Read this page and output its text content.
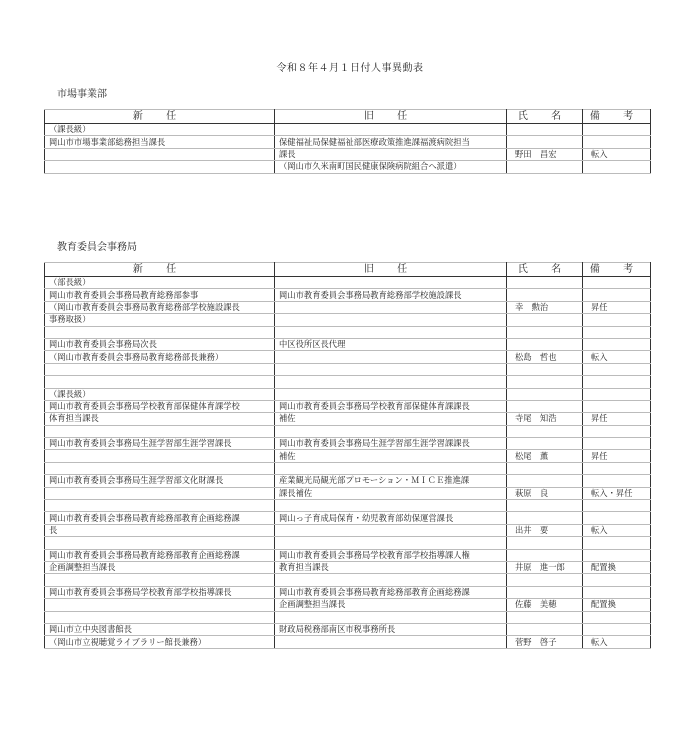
令和８年４月１日付人事異動表
市場事業部
新 任	旧 任	氏 名	備 考
（課長級）			
岡山市市場事業部総務担当課長	保健福祉局保健福祉部医療政策推進課福渡病院担当		
	課長	野田　昌宏	転入
	（岡山市久米南町国民健康保険病院組合へ派遣）		
教育委員会事務局
新 任	旧 任	氏 名	備 考
（部長級）			
岡山市教育委員会事務局教育総務部参事	岡山市教育委員会事務局教育総務部学校施設課長		
（岡山市教育委員会事務局教育総務部学校施設課長		幸　勲治	昇任
事務取扱）			

岡山市教育委員会事務局次長	中区役所区長代理		
（岡山市教育委員会事務局教育総務部長兼務）		松島　哲也	転入

（課長級）			
岡山市教育委員会事務局学校教育部保健体育課学校	岡山市教育委員会事務局学校教育部保健体育課課長		
体育担当課長	補佐	寺尾　知浩	昇任

岡山市教育委員会事務局生涯学習部生涯学習課長	岡山市教育委員会事務局生涯学習部生涯学習課課長		
	補佐	松尾　薫	昇任

岡山市教育委員会事務局生涯学習部文化財課長	産業観光局観光部プロモーション・ＭＩＣＥ推進課		
	課長補佐	萩原　良	転入・昇任

岡山市教育委員会事務局教育総務部教育企画総務課	岡山っ子育成局保育・幼児教育部幼保運営課長		
長		出井　要	転入

岡山市教育委員会事務局教育総務部教育企画総務課	岡山市教育委員会事務局学校教育部学校指導課人権		
企画調整担当課長	教育担当課長	井原　進一郎	配置換

岡山市教育委員会事務局学校教育部学校指導課長	岡山市教育委員会事務局教育総務部教育企画総務課		
	企画調整担当課長	佐藤　美穂	配置換

岡山市立中央図書館長	財政局税務部南区市税事務所長		
（岡山市立視聴覚ライブラリー館長兼務）		菅野　啓子	転入
